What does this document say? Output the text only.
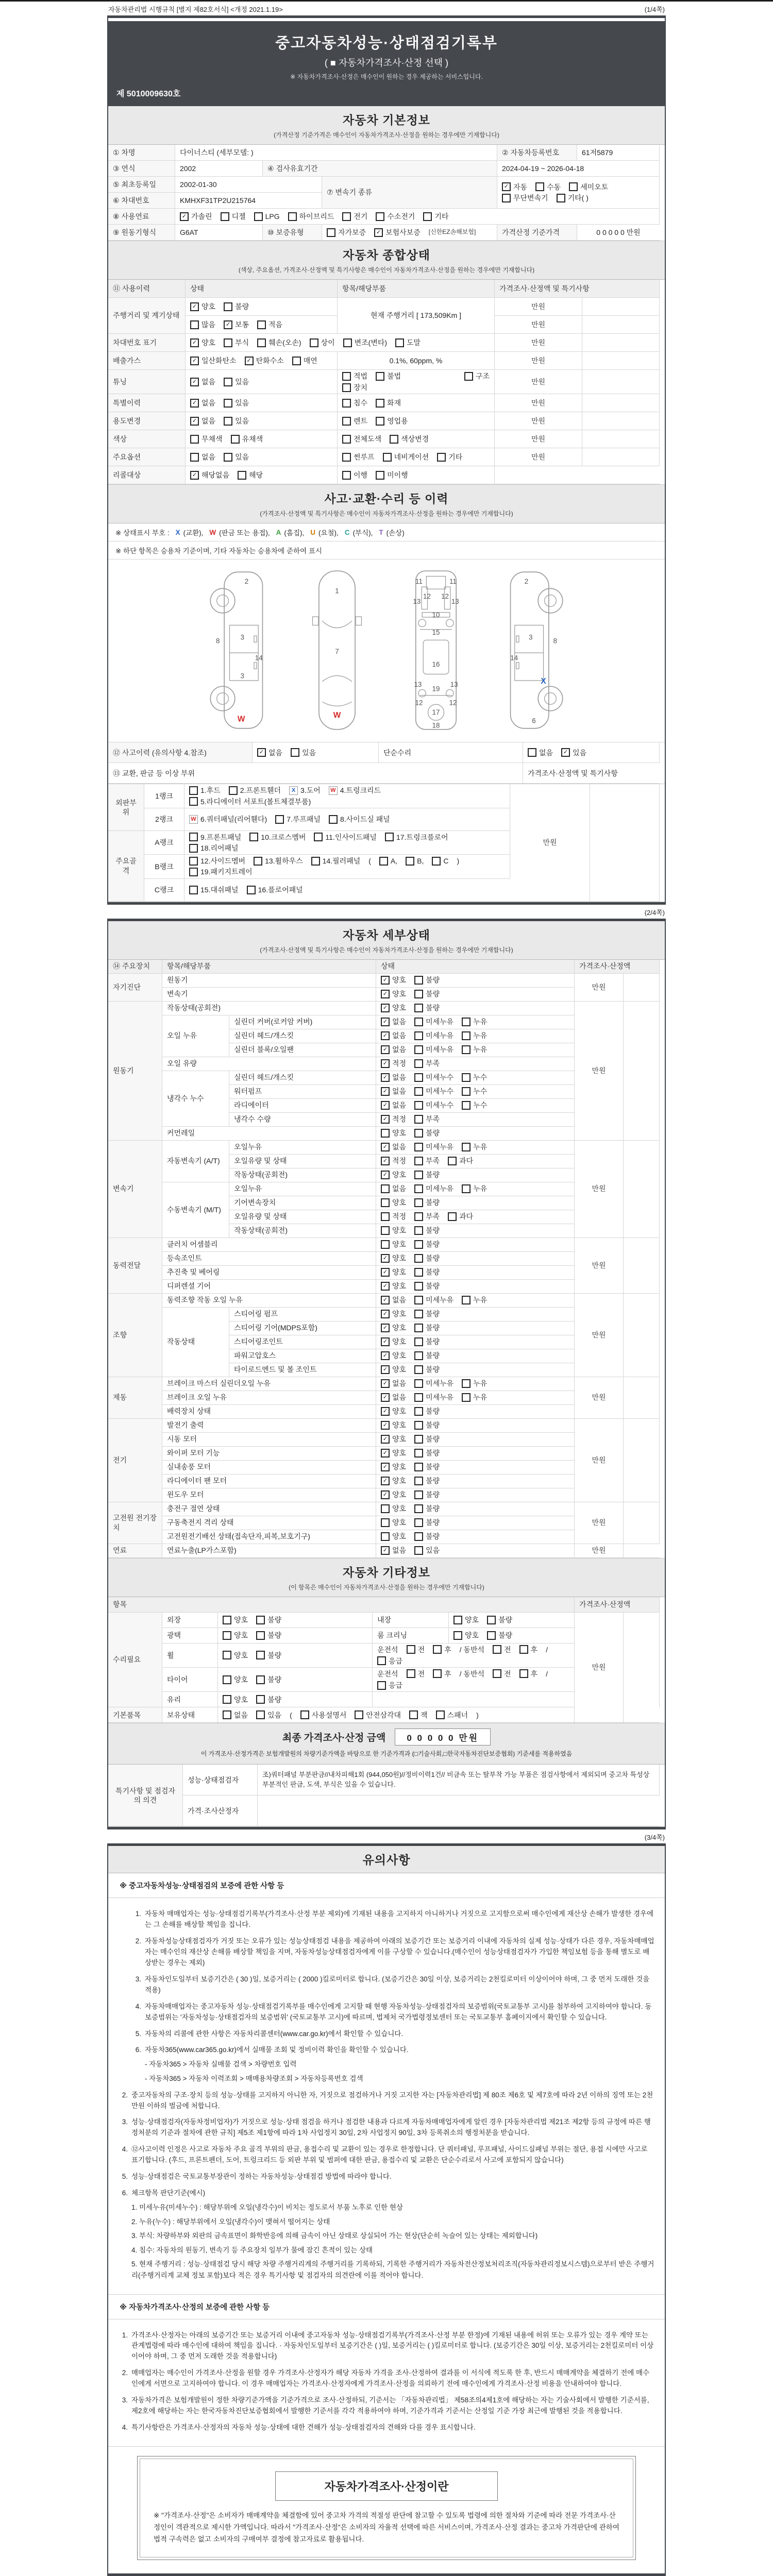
자동차관리법 시행규칙 [별지 제82호서식] <개정 2021.1.19>	(1/4쪽)
중고자동차성능·상태점검기록부
( ■ 자동차가격조사·산정 선택 )
※ 자동차가격조사·산정은 매수인이 원하는 경우 제공하는 서비스입니다.
제 5010009630호
자동차 기본정보
(가격산정 기준가격은 매수인이 자동차가격조사·산정을 원하는 경우에만 기재합니다)
① 차명	다이너스티 (세부모델: )	② 자동차등록번호	61저5879
③ 연식	2002	④ 검사유효기간	2024-04-19 ~ 2026-04-18
⑤ 최초등록일	2002-01-30
⑦ 변속기 종류
✓ 자동	수동	세미오토
무단변속기	기타( )
⑥ 차대번호	KMHXF31TP2U215764
⑧ 사용연료	✓ 가솔린	디젤	LPG	하이브리드	전기	수소전기	기타
⑨ 원동기형식	G6AT	⑩ 보증유형	자가보증	✓ 보험사보증 [신한EZ손해보험]	가격산정 기준가격	0 0 0 0 0 만원
자동차 종합상태
(색상, 주요옵션, 가격조사·산정액 및 특기사항은 매수인이 자동차가격조사·산정을 원하는 경우에만 기재합니다)
⑪ 사용이력	상태	항목/해당부품	가격조사·산정액 및 특기사항
주행거리 및 계기상태
✓ 양호	불량
현재 주행거리 [ 173,509Km ]
만원
많음	✓ 보통	적음	만원
차대번호 표기	✓ 양호	부식	훼손(오손)	상이	변조(변타)	도말	만원
배출가스	✓ 일산화탄소	✓ 탄화수소	매연	0.1%, 60ppm, %	만원
튜닝	✓ 없음	있음
적법	불법	구조
장치
만원
특별이력	✓ 없음	있음	침수	화재	만원
용도변경	✓ 없음	있음	렌트	영업용	만원
색상	무채색	유채색	전체도색	색상변경	만원
주요옵션	없음	있음	썬루프	네비게이션	기타	만원
리콜대상	✓ 해당없음	해당	이행	미이행
사고·교환·수리 등 이력
(가격조사·산정액 및 특기사항은 매수인이 자동차가격조사·산정을 원하는 경우에만 기재합니다)
※ 상태표시 부호 : X (교환), W (판금 또는 용접), A (흠집), U (요철), C (부식), T (손상)
※ 하단 항목은 승용차 기준이며, 기타 자동차는 승용차에 준하여 표시
2
8	3
14
3
W
1
7
W
11	11
13	13
12 12
10
15
16
13	13
19
12	12
17
18
2
3	8
14
X
6
⑫ 사고이력 (유의사항 4.참조)	✓ 없음	있음	단순수리	없음	✓ 있음
⑬ 교환, 판금 등 이상 부위	가격조사·산정액 및 특기사항
외판부위
1랭크
1.후드	2.프론트휀더	X 3.도어 W 4.트렁크리드
5.라디에이터 서포트(볼트체결부품)
만원
2랭크	W 6.쿼터패널(리어휀다)	7.루프패널	8.사이드실 패널
주요골격
A랭크
9.프론트패널	10.크로스멤버	11.인사이드패널	17.트렁크플로어
18.리어패널
B랭크
12.사이드멤버	13.휠하우스	14.필러패널 (	A,	B,	C )
19.패키지트레이
C랭크	15.대쉬패널	16.플로어패널
(2/4쪽)
자동차 세부상태
(가격조사·산정액 및 특기사항은 매수인이 자동차가격조사·산정을 원하는 경우에만 기재합니다)
⑭ 주요장치 항목/해당부품	상태	가격조사·산정액
자기진단
원동기	✓ 양호	불량
만원
변속기	✓ 양호	불량
원동기
작동상태(공회전)	✓ 양호	불량
만원
오일 누유
실린더 커버(로커암 커버)	✓ 없음	미세누유	누유
실린더 헤드/개스킷	✓ 없음	미세누유	누유
실린더 블록/오일팬	✓ 없음	미세누유	누유
오일 유량	✓ 적정	부족
냉각수 누수
실린더 헤드/개스킷	✓ 없음	미세누수	누수
워터펌프	✓ 없음	미세누수	누수
라디에이터	✓ 없음	미세누수	누수
냉각수 수량	✓ 적정	부족
커먼레일	양호	불량
변속기
자동변속기 (A/T)
오일누유	✓ 없음	미세누유	누유
만원
오일유량 및 상태	✓ 적정	부족	과다
작동상태(공회전)	✓ 양호	불량
수동변속기 (M/T)
오일누유	없음	미세누유	누유
기어변속장치	양호	불량
오일유량 및 상태	적정	부족	과다
작동상태(공회전)	양호	불량
동력전달
클러치 어셈블리	양호	불량
만원
등속조인트	✓ 양호	불량
추진축 및 베어링	✓ 양호	불량
디퍼렌셜 기어	✓ 양호	불량
조향
동력조향 작동 오일 누유	✓ 없음	미세누유	누유
만원
작동상태
스티어링 펌프	✓ 양호	불량
스티어링 기어(MDPS포함)	✓ 양호	불량
스티어링조인트	✓ 양호	불량
파워고압호스	✓ 양호	불량
타이로드엔드 및 볼 조인트	✓ 양호	불량
제동
브레이크 마스터 실린더오일 누유	✓ 없음	미세누유	누유
만원
브레이크 오일 누유	✓ 없음	미세누유	누유
배력장치 상태	✓ 양호	불량
전기
발전기 출력	✓ 양호	불량
만원
시동 모터	✓ 양호	불량
와이퍼 모터 기능	✓ 양호	불량
실내송풍 모터	✓ 양호	불량
라디에이터 팬 모터	✓ 양호	불량
윈도우 모터	✓ 양호	불량
고전원 전기장치
충전구 절연 상태	양호	불량
만원
구동축전지 격리 상태	양호	불량
고전원전기배선 상태(접속단자,피복,보호기구)	양호	불량
연료	연료누출(LP가스포함)	✓ 없음	있음	만원
자동차 기타정보
(이 항목은 매수인이 자동차가격조사·산정을 원하는 경우에만 기재합니다)
항목	가격조사·산정액
수리필요
외장	양호	불량	내장	양호	불량
만원
광택	양호	불량	룸 크리닝	양호	불량
휠	양호	불량
운전석	전	후 / 동반석	전	후 /
응급
타이어	양호	불량
운전석	전	후 / 동반석	전	후 /
응급
유리	양호	불량
기본품목	보유상태	없음	있음 (	사용설명서	안전삼각대	잭	스패너 )
최종 가격조사·산정 금액	0 0 0 0 0 만원
이 가격조사·산정가격은 보험개발원의 차량기준가액을 바탕으로 한 기준가격과 (□기술사회,□한국자동차진단보증협회) 기준세를 적용하였음
특기사항 및 점검자의 의견
성능·상태점검자
조)쿼터패널 부분판금//내차피해1회 (944,050원)//정비이력1건// 비금속 또는 탈부착 가능 부품은 점검사항에서 제외되며 중고차 특성상 부분적인 판금, 도색, 부식은 있을 수 있습니다.
가격·조사산정자
(3/4쪽)
유의사항
※ 중고자동차성능·상태점검의 보증에 관한 사항 등
1. 자동차 매매업자는 성능·상태점검기록부(가격조사·산정 부분 제외)에 기재된 내용을 고지하지 아니하거나 거짓으로 고지함으로써 매수인에게 재산상 손해가 발생한 경우에는 그 손해를 배상할 책임을 집니다.
2. 자동차성능상태점검자가 거짓 또는 오류가 있는 성능상태점검 내용을 제공하여 아래의 보증기간 또는 보증거리 이내에 자동차의 실제 성능·상태가 다른 경우, 자동차매매업자는 매수인의 재산상 손해를 배상할 책임을 지며, 자동차성능상태점검자에게 이를 구상할 수 있습니다.(매수인이 성능상태점검자가 가입한 책임보험 등을 통해 별도로 배상받는 경우는 제외)
3. 자동차인도일부터 보증기간은 ( 30 )일, 보증거리는 ( 2000 )킬로미터로 합니다. (보증기간은 30일 이상, 보증거리는 2천킬로미터 이상이어야 하며, 그 중 먼저 도래한 것을 적용)
4. 자동차매매업자는 중고자동차 성능·상태점검기록부를 매수인에게 고지할 때 현행 자동차성능·상태점검자의 보증범위(국토교통부 고시)를 첨부하여 고지하여야 합니다. 동 보증범위는 '자동차성능·상태점검자의 보증범위' (국토교통부 고시)에 따르며, 법제처 국가법령정보센터 또는 국토교통부 홈페이지에서 확인할 수 있습니다.
5. 자동차의 리콜에 관한 사항은 자동차리콜센터(www.car.go.kr)에서 확인할 수 있습니다.
6. 자동차365(www.car365.go.kr)에서 실매물 조회 및 정비이력 확인을 확인할 수 있습니다.
- 자동차365 > 자동차 실매물 검색 > 차량번호 입력
- 자동차365 > 자동차 이력조회 > 매매용차량조회 > 자동차등록번호 검색
2. 중고자동차의 구조·장치 등의 성능·상태를 고지하지 아니한 자, 거짓으로 점검하거나 거짓 고지한 자는 [자동차관리법] 제 80조 제6호 및 제7호에 따라 2년 이하의 징역 또는 2천만원 이하의 벌금에 처합니다.
3. 성능·상태점검자(자동차정비업자)가 거짓으로 성능·상태 점검을 하거나 점검한 내용과 다르게 자동차매매업자에게 알린 경우 [자동차관리법 제21조 제2항 등의 규정에 따른 행정처분의 기준과 절차에 관한 규칙] 제5조 제1항에 따라 1차 사업정지 30일, 2차 사업정지 90일, 3차 등록취소의 행정처분을 받습니다.
4. ⑫사고이력 인정은 사고로 자동차 주요 골격 부위의 판금, 용접수리 및 교환이 있는 경우로 한정합니다. 단 쿼터패널, 루프패널, 사이드실패널 부위는 절단, 용접 시에만 사고로 표기합니다. (후드, 프론트펜더, 도어, 트렁크리드 등 외판 부위 및 범퍼에 대한 판금, 용접수리 및 교환은 단순수리로서 사고에 포함되지 않습니다)
5. 성능·상태점검은 국토교통부장관이 정하는 자동차성능·상태점검 방법에 따라야 합니다.
6. 체크항목 판단기준(예시)
1. 미세누유(미세누수) : 해당부위에 오일(냉각수)이 비치는 정도로서 부품 노후로 인한 현상
2. 누유(누수) : 해당부위에서 오일(냉각수)이 맺혀서 떨어지는 상태
3. 부식: 차량하부와 외판의 금속표면이 화학반응에 의해 금속이 아닌 상태로 상실되어 가는 현상(단순히 녹슬어 있는 상태는 제외합니다)
4. 침수: 자동차의 원동기, 변속기 등 주요장치 일부가 물에 잠긴 흔적이 있는 상태
5. 현재 주행거리 : 성능·상태점검 당시 해당 차량 주행거리계의 주행거리를 기록하되, 기록한 주행거리가 자동차전산정보처리조직(자동차관리정보시스템)으로부터 받은 주행거리(주행거리계 교체 정보 포함)보다 적은 경우 특기사항 및 점검자의 의견란에 이를 적어야 합니다.
※ 자동차가격조사·산정의 보증에 관한 사항 등
1. 가격조사·산정자는 아래의 보증기간 또는 보증거리 이내에 중고자동차 성능·상태점검기록부(가격조사·산정 부분 한정)에 기재된 내용에 허위 또는 오류가 있는 경우 계약 또는 관계법령에 따라 매수인에 대하여 책임을 집니다. · 자동차인도일부터 보증기간은 ( )일, 보증거리는 ( )킬로미터로 합니다. (보증기간은 30일 이상, 보증거리는 2천킬로미터 이상이어야 하며, 그 중 먼저 도래한 것을 적용합니다)
2. 매매업자는 매수인이 가격조사·산정을 원할 경우 가격조사·산정자가 해당 자동차 가격을 조사·산정하여 결과를 이 서식에 적도록 한 후, 반드시 매매계약을 체결하기 전에 매수인에게 서면으로 고지하여야 합니다. 이 경우 매매업자는 가격조사·산정자에게 가격조사·산정을 의뢰하기 전에 매수인에게 가격조사·산정 비용을 안내하여야 합니다.
3. 자동차가격은 보험개발원이 정한 차량기준가액을 기준가격으로 조사·산정하되, 기준서는 「자동차관리법」 제58조의4제1호에 해당하는 자는 기술사회에서 발행한 기준서를, 제2호에 해당하는 자는 한국자동차진단보증협회에서 발행한 기준서를 각각 적용하여야 하며, 기준가격과 기준서는 산정일 기준 가장 최근에 발행된 것을 적용합니다.
4. 특기사항란은 가격조사·산정자의 자동차 성능·상태에 대한 견해가 성능·상태점검자의 견해와 다를 경우 표시합니다.
자동차가격조사·산정이란
※ "가격조사·산정"은 소비자가 매매계약을 체결함에 있어 중고차 가격의 적절성 판단에 참고할 수 있도록 법령에 의한 절차와 기준에 따라 전문 가격조사·산정인이 객관적으로 제시한 가액입니다. 따라서 "가격조사·산정"은 소비자의 자율적 선택에 따른 서비스이며, 가격조사·산정 결과는 중고차 가격판단에 관하여 법적 구속력은 없고 소비자의 구매여부 결정에 참고자료로 활용됩니다.
